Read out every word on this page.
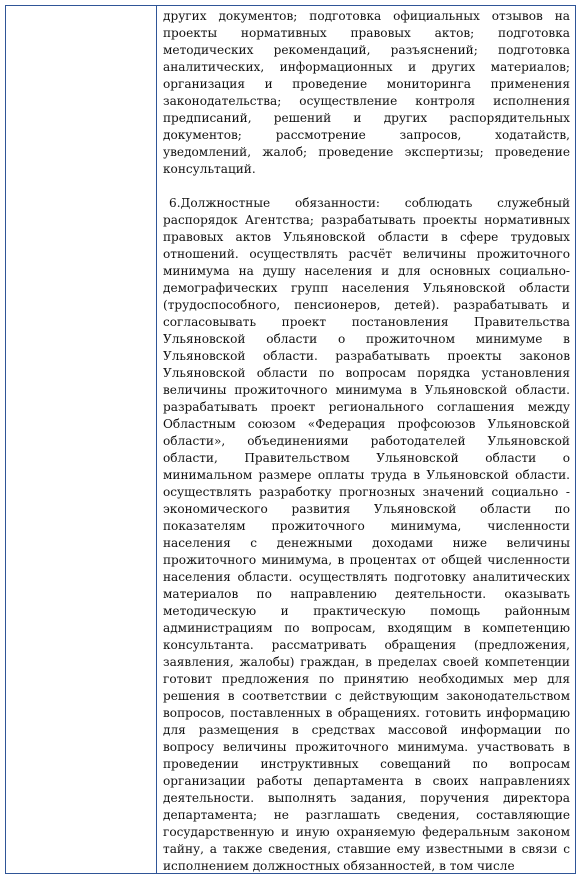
других документов; подготовка официальных отзывов на проекты нормативных правовых актов; подготовка методических рекомендаций, разъяснений; подготовка аналитических, информационных и других материалов; организация и проведение мониторинга применения законодательства; осуществление контроля исполнения предписаний, решений и других распорядительных документов; рассмотрение запросов, ходатайств, уведомлений, жалоб; проведение экспертизы; проведение консультаций.

6.Должностные обязанности: соблюдать служебный распорядок Агентства; разрабатывать проекты нормативных правовых актов Ульяновской области в сфере трудовых отношений. осуществлять расчёт величины прожиточного минимума на душу населения и для основных социально-демографических групп населения Ульяновской области (трудоспособного, пенсионеров, детей). разрабатывать и согласовывать проект постановления Правительства Ульяновской области о прожиточном минимуме в Ульяновской области. разрабатывать проекты законов Ульяновской области по вопросам порядка установления величины прожиточного минимума в Ульяновской области. разрабатывать проект регионального соглашения между Областным союзом «Федерация профсоюзов Ульяновской области», объединениями работодателей Ульяновской области, Правительством Ульяновской области о минимальном размере оплаты труда в Ульяновской области. осуществлять разработку прогнозных значений социально - экономического развития Ульяновской области по показателям прожиточного минимума, численности населения с денежными доходами ниже величины прожиточного минимума, в процентах от общей численности населения области. осуществлять подготовку аналитических материалов по направлению деятельности. оказывать методическую и практическую помощь районным администрациям по вопросам, входящим в компетенцию консультанта. рассматривать обращения (предложения, заявления, жалобы) граждан, в пределах своей компетенции готовит предложения по принятию необходимых мер для решения в соответствии с действующим законодательством вопросов, поставленных в обращениях. готовить информацию для размещения в средствах массовой информации по вопросу величины прожиточного минимума. участвовать в проведении инструктивных совещаний по вопросам организации работы департамента в своих направлениях деятельности. выполнять задания, поручения директора департамента; не разглашать сведения, составляющие государственную и иную охраняемую федеральным законом тайну, а также сведения, ставшие ему известными в связи с исполнением должностных обязанностей, в том числе
